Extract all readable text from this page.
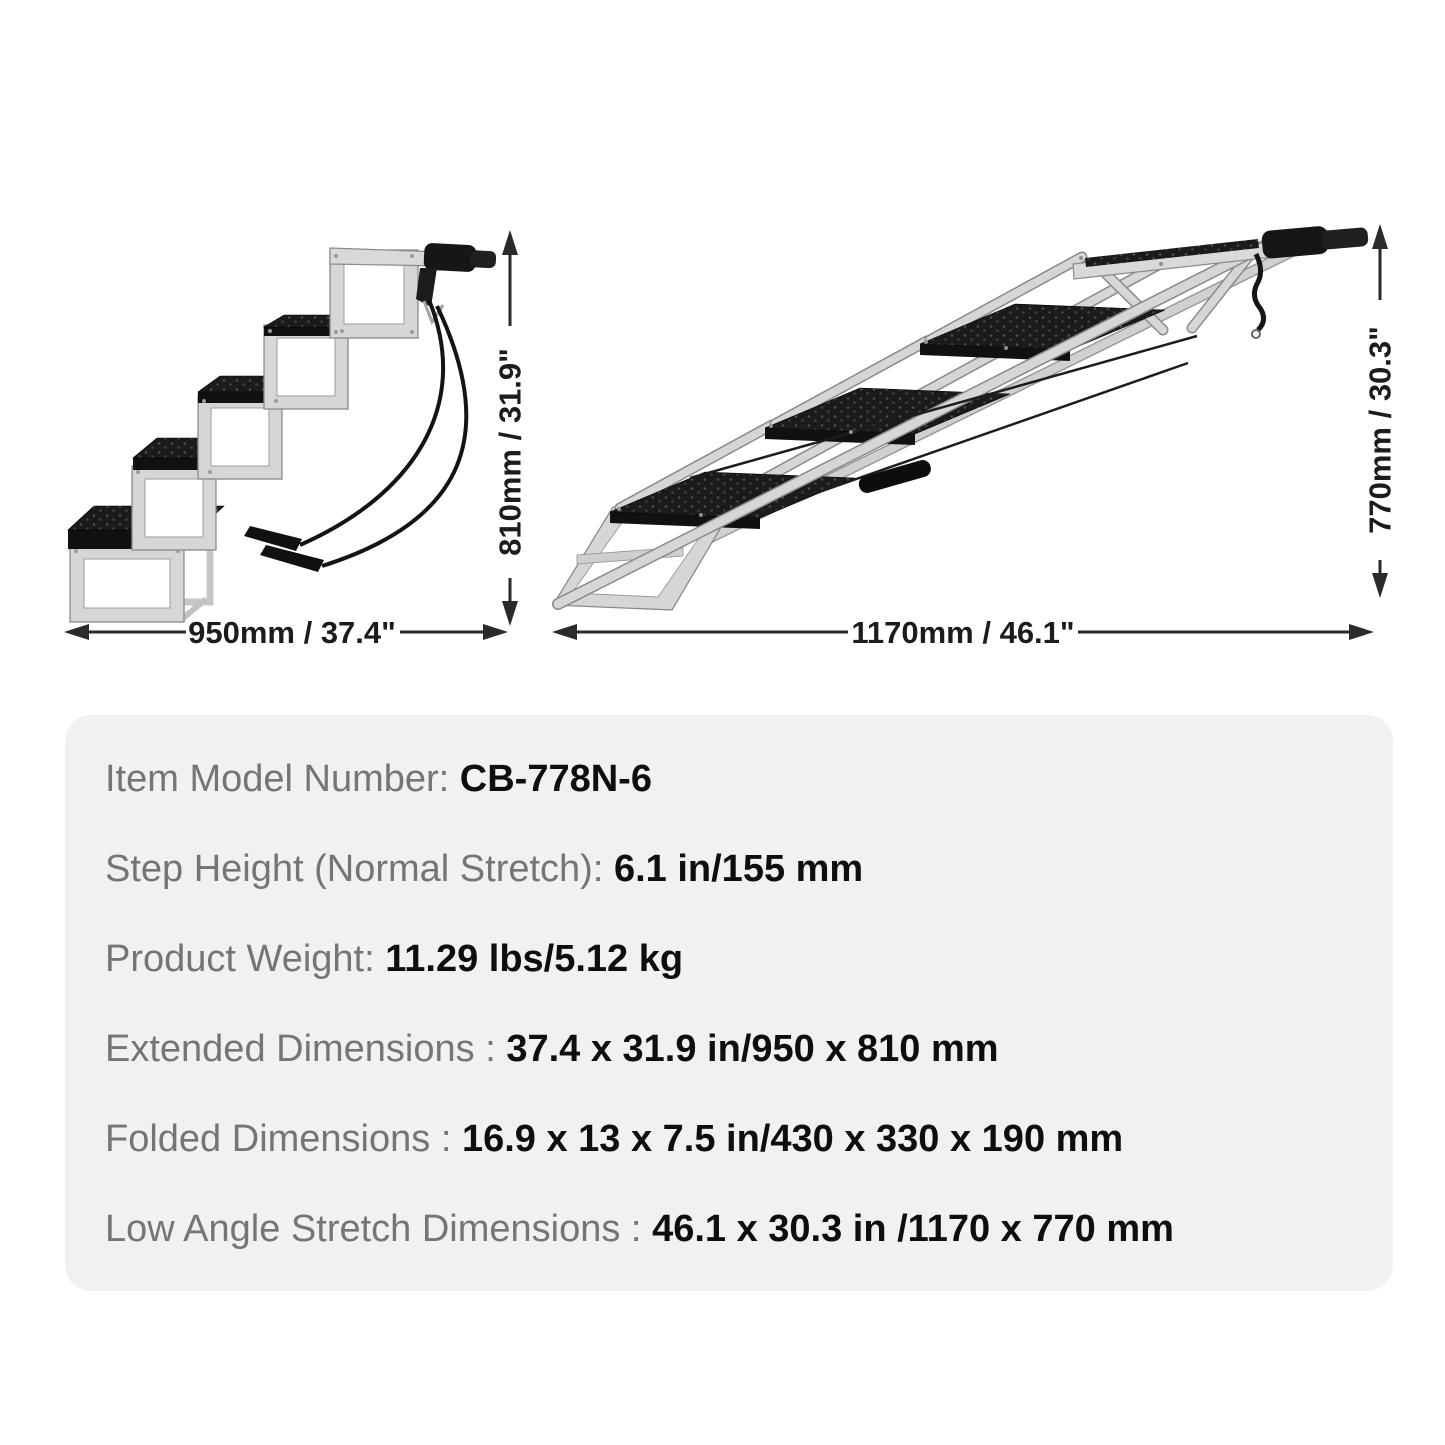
810mm / 31.9"
950mm / 37.4"	1170mm / 46.1"
770mm / 30.3"
Item Model Number: CB-778N-6
Step Height (Normal Stretch): 6.1 in/155 mm
Product Weight: 11.29 lbs/5.12 kg
Extended Dimensions : 37.4 x 31.9 in/950 x 810 mm
Folded Dimensions : 16.9 x 13 x 7.5 in/430 x 330 x 190 mm
Low Angle Stretch Dimensions : 46.1 x 30.3 in /1170 x 770 mm
